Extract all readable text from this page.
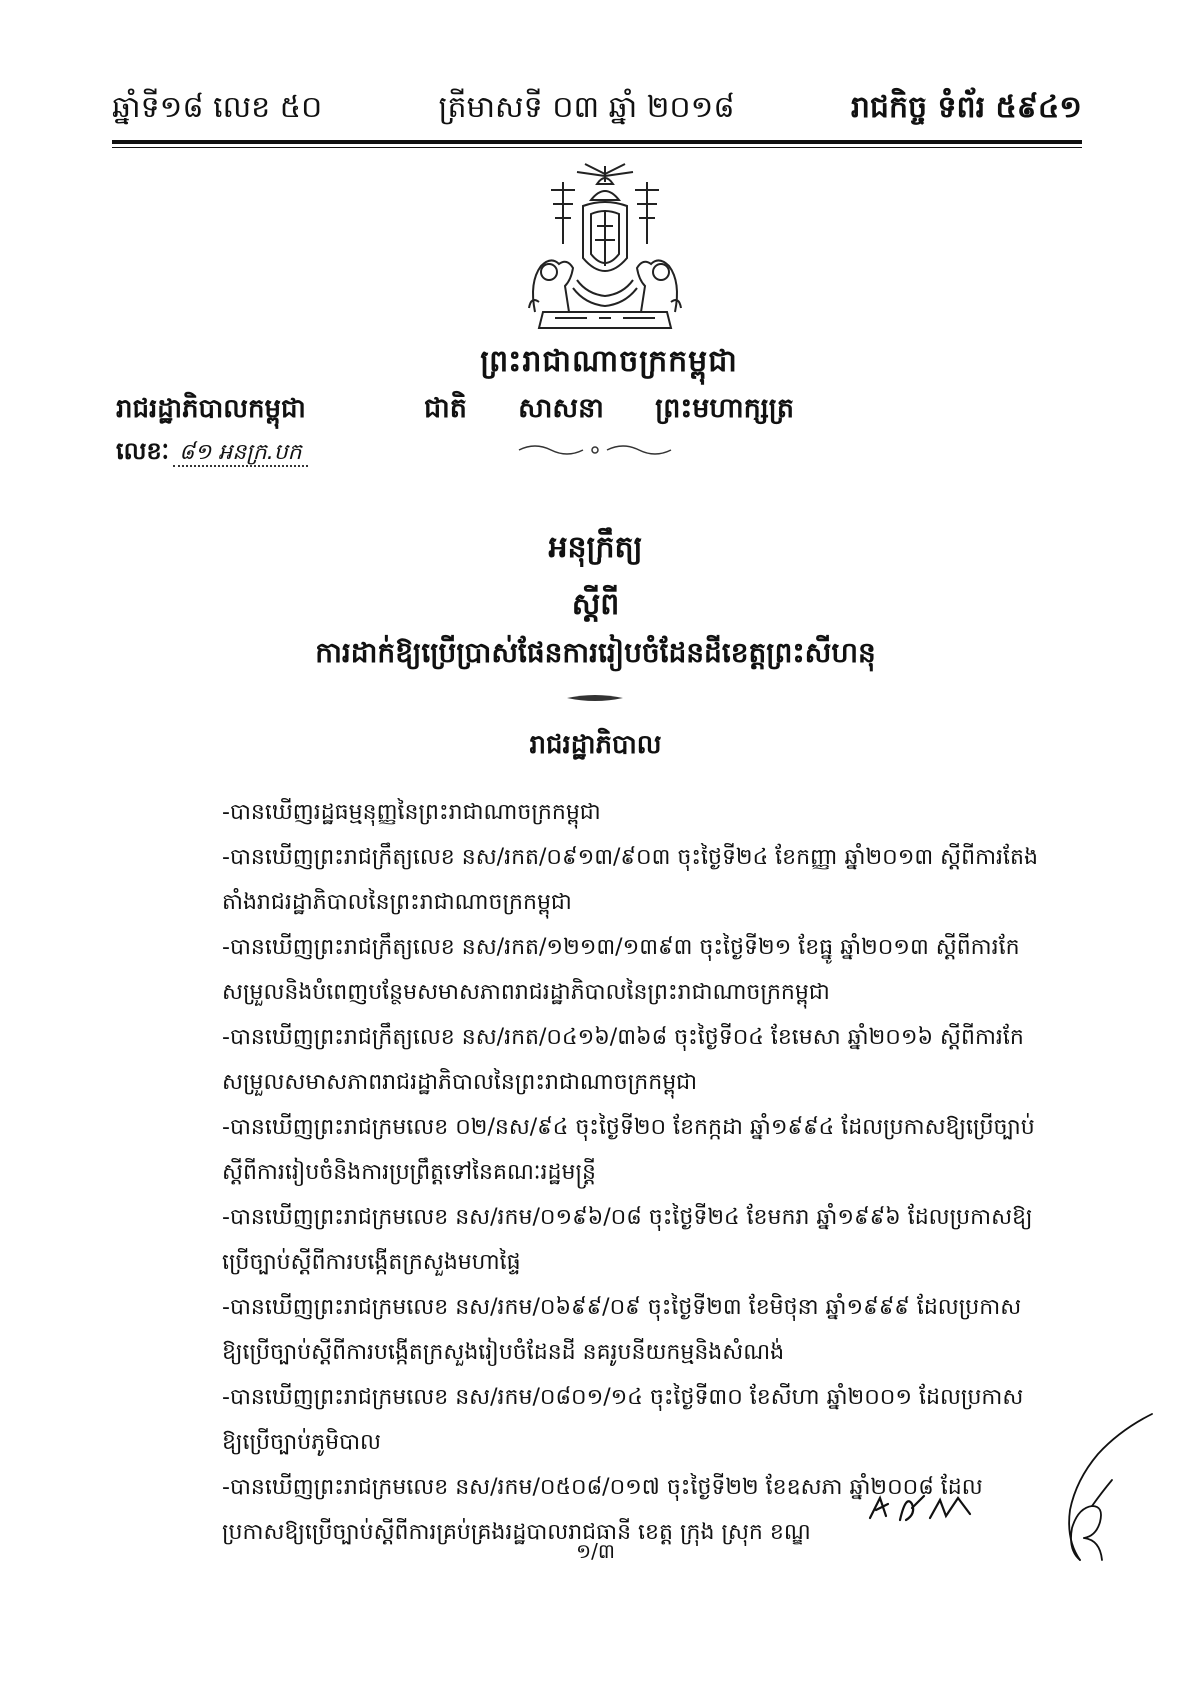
ឆ្នាំទី១៨ លេខ ៥០	ត្រីមាសទី ០៣ ឆ្នាំ ២០១៨	រាជកិច្ច ទំព័រ ៥៩៤១
ព្រះរាជាណាចក្រកម្ពុជា
ជាតិ សាសនា ព្រះមហាក្សត្រ
រាជរដ្ឋាភិបាលកម្ពុជា
លេខៈ ៨១ អនក្រ.បក
អនុក្រឹត្យ
ស្តីពី
ការដាក់ឱ្យប្រើប្រាស់ផែនការរៀបចំដែនដីខេត្តព្រះសីហនុ
រាជរដ្ឋាភិបាល
-បានឃើញរដ្ឋធម្មនុញ្ញនៃព្រះរាជាណាចក្រកម្ពុជា
-បានឃើញព្រះរាជក្រឹត្យលេខ នស/រកត/០៩១៣/៩០៣ ចុះថ្ងៃទី២៤ ខែកញ្ញា ឆ្នាំ២០១៣ ស្តីពីការតែង
តាំងរាជរដ្ឋាភិបាលនៃព្រះរាជាណាចក្រកម្ពុជា
-បានឃើញព្រះរាជក្រឹត្យលេខ នស/រកត/១២១៣/១៣៩៣ ចុះថ្ងៃទី២១ ខែធ្នូ ឆ្នាំ២០១៣ ស្តីពីការកែ
សម្រួលនិងបំពេញបន្ថែមសមាសភាពរាជរដ្ឋាភិបាលនៃព្រះរាជាណាចក្រកម្ពុជា
-បានឃើញព្រះរាជក្រឹត្យលេខ នស/រកត/០៤១៦/៣៦៨ ចុះថ្ងៃទី០៤ ខែមេសា ឆ្នាំ២០១៦ ស្តីពីការកែ
សម្រួលសមាសភាពរាជរដ្ឋាភិបាលនៃព្រះរាជាណាចក្រកម្ពុជា
-បានឃើញព្រះរាជក្រមលេខ ០២/នស/៩៤ ចុះថ្ងៃទី២០ ខែកក្កដា ឆ្នាំ១៩៩៤ ដែលប្រកាសឱ្យប្រើច្បាប់
ស្តីពីការរៀបចំនិងការប្រព្រឹត្តទៅនៃគណៈរដ្ឋមន្ត្រី
-បានឃើញព្រះរាជក្រមលេខ នស/រកម/០១៩៦/០៨ ចុះថ្ងៃទី២៤ ខែមករា ឆ្នាំ១៩៩៦ ដែលប្រកាសឱ្យ
ប្រើច្បាប់ស្តីពីការបង្កើតក្រសួងមហាផ្ទៃ
-បានឃើញព្រះរាជក្រមលេខ នស/រកម/០៦៩៩/០៩ ចុះថ្ងៃទី២៣ ខែមិថុនា ឆ្នាំ១៩៩៩ ដែលប្រកាស
ឱ្យប្រើច្បាប់ស្តីពីការបង្កើតក្រសួងរៀបចំដែនដី នគរូបនីយកម្មនិងសំណង់
-បានឃើញព្រះរាជក្រមលេខ នស/រកម/០៨០១/១៤ ចុះថ្ងៃទី៣០ ខែសីហា ឆ្នាំ២០០១ ដែលប្រកាស
ឱ្យប្រើច្បាប់ភូមិបាល
-បានឃើញព្រះរាជក្រមលេខ នស/រកម/០៥០៨/០១៧ ចុះថ្ងៃទី២២ ខែឧសភា ឆ្នាំ២០០៨ ដែល
ប្រកាសឱ្យប្រើច្បាប់ស្តីពីការគ្រប់គ្រងរដ្ឋបាលរាជធានី ខេត្ត ក្រុង ស្រុក ខណ្ឌ
១/៣
